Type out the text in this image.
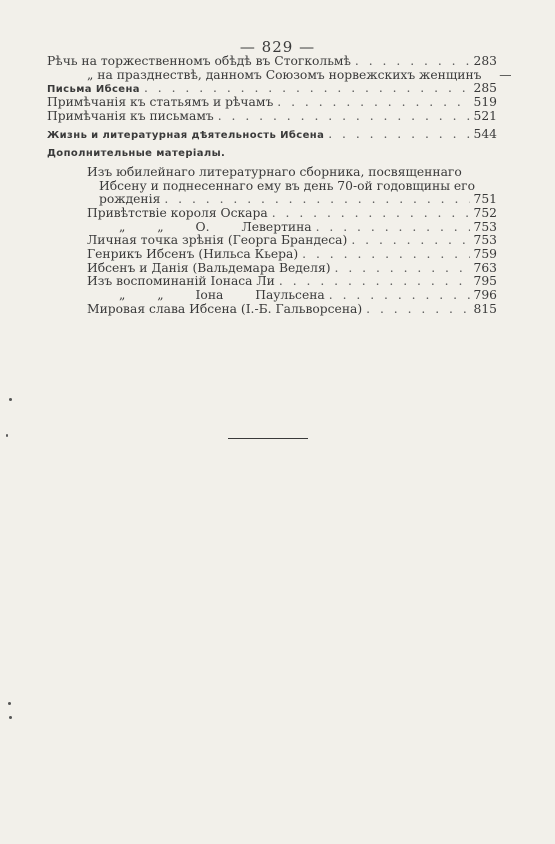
— 829 —
Рѣчь на торжественномъ обѣдѣ въ Стогкольмѣ . . .	283
„ на празднествѣ, данномъ Союзомъ норвежскихъ женщинъ	—
Письма Ибсена . . .	285
Примѣчанія къ статьямъ и рѣчамъ . . .	519
Примѣчанія къ письмамъ . . .	521
Жизнь и литературная дѣятельность Ибсена . . .	544
Дополнительные матеріалы.
Изъ юбилейнаго литературнаго сборника, посвященнаго
Ибсену и поднесеннаго ему въ день 70-ой годовщины его
рожденія . . .	751
Привѣтствіе короля Оскара . . .	752
„ „ О. Левертина . . .	753
Личная точка зрѣнія (Георга Брандеса) . . .	753
Генрикъ Ибсенъ (Нильса Кьера) . . .	759
Ибсенъ и Данія (Вальдемара Веделя) . . .	763
Изъ воспоминаній Іонаса Ли . . .	795
„ „ Іона Паульсена . . .	796
Мировая слава Ибсена (І.-Б. Гальворсена) . . .	815
